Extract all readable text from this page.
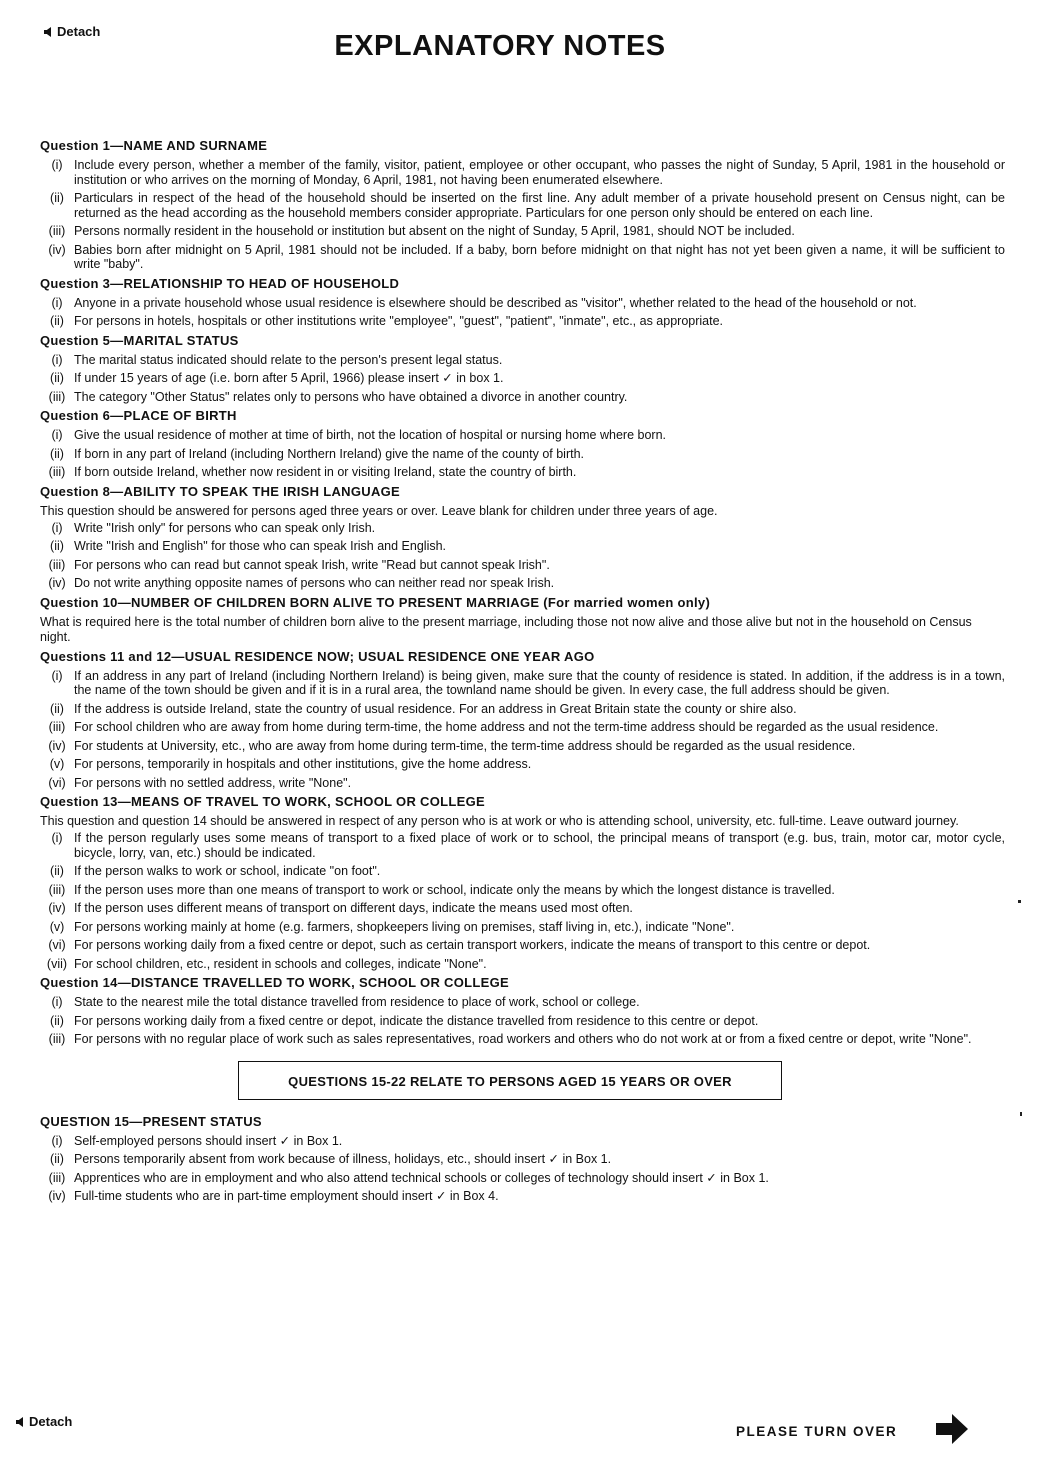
Detach	EXPLANATORY NOTES
Question 1—NAME AND SURNAME
(i) Include every person, whether a member of the family, visitor, patient, employee or other occupant, who passes the night of Sunday, 5 April, 1981 in the household or institution or who arrives on the morning of Monday, 6 April, 1981, not having been enumerated elsewhere.
(ii) Particulars in respect of the head of the household should be inserted on the first line. Any adult member of a private household present on Census night, can be returned as the head according as the household members consider appropriate. Particulars for one person only should be entered on each line.
(iii) Persons normally resident in the household or institution but absent on the night of Sunday, 5 April, 1981, should NOT be included.
(iv) Babies born after midnight on 5 April, 1981 should not be included. If a baby, born before midnight on that night has not yet been given a name, it will be sufficient to write "baby".
Question 3—RELATIONSHIP TO HEAD OF HOUSEHOLD
(i) Anyone in a private household whose usual residence is elsewhere should be described as "visitor", whether related to the head of the household or not.
(ii) For persons in hotels, hospitals or other institutions write "employee", "guest", "patient", "inmate", etc., as appropriate.
Question 5—MARITAL STATUS
(i) The marital status indicated should relate to the person's present legal status.
(ii) If under 15 years of age (i.e. born after 5 April, 1966) please insert ✓ in box 1.
(iii) The category "Other Status" relates only to persons who have obtained a divorce in another country.
Question 6—PLACE OF BIRTH
(i) Give the usual residence of mother at time of birth, not the location of hospital or nursing home where born.
(ii) If born in any part of Ireland (including Northern Ireland) give the name of the county of birth.
(iii) If born outside Ireland, whether now resident in or visiting Ireland, state the country of birth.
Question 8—ABILITY TO SPEAK THE IRISH LANGUAGE

This question should be answered for persons aged three years or over. Leave blank for children under three years of age.

(i) Write "Irish only" for persons who can speak only Irish.
(ii) Write "Irish and English" for those who can speak Irish and English.
(iii) For persons who can read but cannot speak Irish, write "Read but cannot speak Irish".
(iv) Do not write anything opposite names of persons who can neither read nor speak Irish.
Question 10—NUMBER OF CHILDREN BORN ALIVE TO PRESENT MARRIAGE (For married women only)

What is required here is the total number of children born alive to the present marriage, including those not now alive and those alive but not in the household on Census night.

Questions 11 and 12—USUAL RESIDENCE NOW; USUAL RESIDENCE ONE YEAR AGO
(i) If an address in any part of Ireland (including Northern Ireland) is being given, make sure that the county of residence is stated. In addition, if the address is in a town, the name of the town should be given and if it is in a rural area, the townland name should be given. In every case, the full address should be given.
(ii) If the address is outside Ireland, state the country of usual residence. For an address in Great Britain state the county or shire also.
(iii) For school children who are away from home during term-time, the home address and not the term-time address should be regarded as the usual residence.
(iv) For students at University, etc., who are away from home during term-time, the term-time address should be regarded as the usual residence.
(v) For persons, temporarily in hospitals and other institutions, give the home address.
(vi) For persons with no settled address, write "None".
Question 13—MEANS OF TRAVEL TO WORK, SCHOOL OR COLLEGE

This question and question 14 should be answered in respect of any person who is at work or who is attending school, university, etc. full-time. Leave outward journey.

(i) If the person regularly uses some means of transport to a fixed place of work or to school, the principal means of transport (e.g. bus, train, motor car, motor cycle, bicycle, lorry, van, etc.) should be indicated.
(ii) If the person walks to work or school, indicate "on foot".
(iii) If the person uses more than one means of transport to work or school, indicate only the means by which the longest distance is travelled.
(iv) If the person uses different means of transport on different days, indicate the means used most often.
(v) For persons working mainly at home (e.g. farmers, shopkeepers living on premises, staff living in, etc.), indicate "None".
(vi) For persons working daily from a fixed centre or depot, such as certain transport workers, indicate the means of transport to this centre or depot.
(vii) For school children, etc., resident in schools and colleges, indicate "None".
Question 14—DISTANCE TRAVELLED TO WORK, SCHOOL OR COLLEGE
(i) State to the nearest mile the total distance travelled from residence to place of work, school or college.
(ii) For persons working daily from a fixed centre or depot, indicate the distance travelled from residence to this centre or depot.
(iii) For persons with no regular place of work such as sales representatives, road workers and others who do not work at or from a fixed centre or depot, write "None".
QUESTIONS 15-22 RELATE TO PERSONS AGED 15 YEARS OR OVER
QUESTION 15—PRESENT STATUS
(i) Self-employed persons should insert ✓ in Box 1.
(ii) Persons temporarily absent from work because of illness, holidays, etc., should insert ✓ in Box 1.
(iii) Apprentices who are in employment and who also attend technical schools or colleges of technology should insert ✓ in Box 1.
(iv) Full-time students who are in part-time employment should insert ✓ in Box 4.
Detach
PLEASE TURN OVER
